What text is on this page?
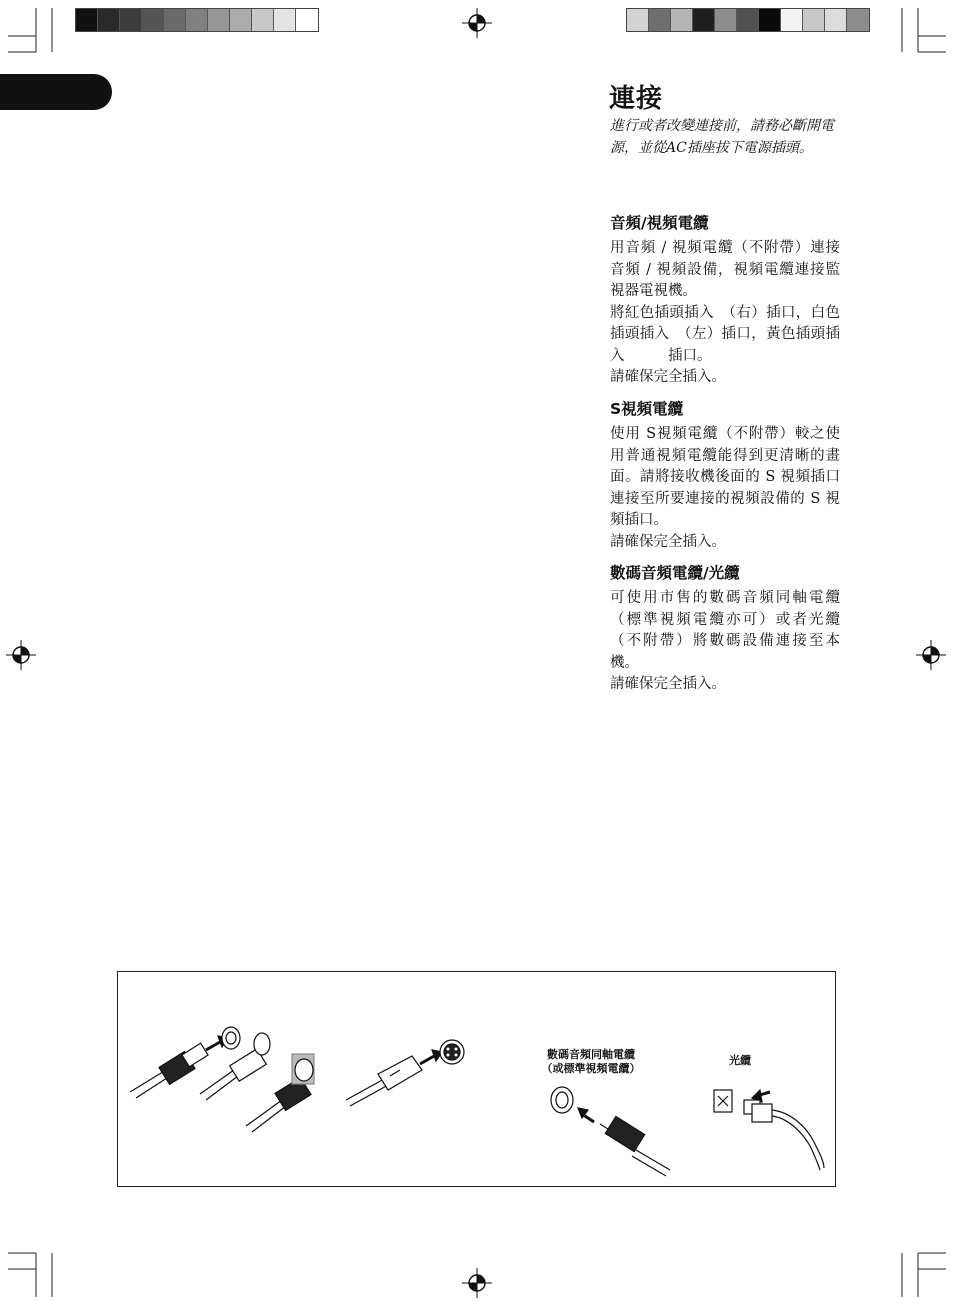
連接
進行或者改變連接前，請務必斷開電源，並從AC插座拔下電源插頭。
音頻/視頻電纜

用音頻 / 視頻電纜（不附帶）連接音頻 / 視頻設備，視頻電纜連接監視器電視機。

將紅色插頭插入　（右）插口，白色插頭插入　（左）插口，黃色插頭插入　　　插口。

請確保完全插入。

S視頻電纜

使用 S視頻電纜（不附帶）較之使用普通視頻電纜能得到更清晰的畫面。請將接收機後面的 S 視頻插口連接至所要連接的視頻設備的 S 視頻插口。

請確保完全插入。

數碼音頻電纜/光纜

可使用市售的數碼音頻同軸電纜（標準視頻電纜亦可）或者光纜（不附帶）將數碼設備連接至本機。

請確保完全插入。

數碼音頻同軸電纜
（或標準視頻電纜）
光纜
